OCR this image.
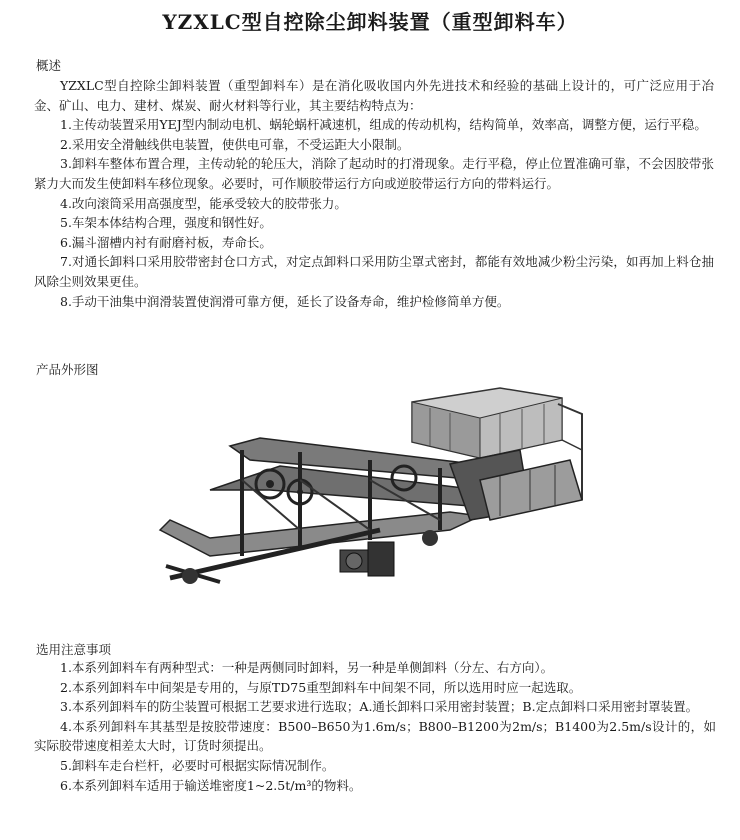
YZXLC型自控除尘卸料装置（重型卸料车）
概述

YZXLC型自控除尘卸料装置（重型卸料车）是在消化吸收国内外先进技术和经验的基础上设计的，可广泛应用于冶金、矿山、电力、建材、煤炭、耐火材料等行业，其主要结构特点为：

1.主传动装置采用YEJ型内制动电机、蜗轮蜗杆减速机，组成的传动机构，结构简单，效率高，调整方便，运行平稳。

2.采用安全滑触线供电装置，使供电可靠，不受运距大小限制。

3.卸料车整体布置合理，主传动轮的轮压大，消除了起动时的打滑现象。走行平稳，停止位置准确可靠，不会因胶带张紧力大而发生使卸料车移位现象。必要时，可作顺胶带运行方向或逆胶带运行方向的带料运行。

4.改向滚筒采用高强度型，能承受较大的胶带张力。

5.车架本体结构合理，强度和钢性好。

6.漏斗溜槽内衬有耐磨衬板，寿命长。

7.对通长卸料口采用胶带密封仓口方式，对定点卸料口采用防尘罩式密封，都能有效地减少粉尘污染，如再加上料仓抽风除尘则效果更佳。

8.手动干油集中润滑装置使润滑可靠方便，延长了设备寿命，维护检修简单方便。

产品外形图
选用注意事项

1.本系列卸料车有两种型式：一种是两侧同时卸料，另一种是单侧卸料（分左、右方向）。

2.本系列卸料车中间架是专用的，与原TD75重型卸料车中间架不同，所以选用时应一起选取。

3.本系列卸料车的防尘装置可根据工艺要求进行选取；A.通长卸料口采用密封装置；B.定点卸料口采用密封罩装置。

4.本系列卸料车其基型是按胶带速度：B500–B650为1.6m/s；B800–B1200为2m/s；B1400为2.5m/s设计的，如实际胶带速度相差太大时，订货时须提出。

5.卸料车走台栏杆，必要时可根据实际情况制作。

6.本系列卸料车适用于输送堆密度1~2.5t/m³的物料。
